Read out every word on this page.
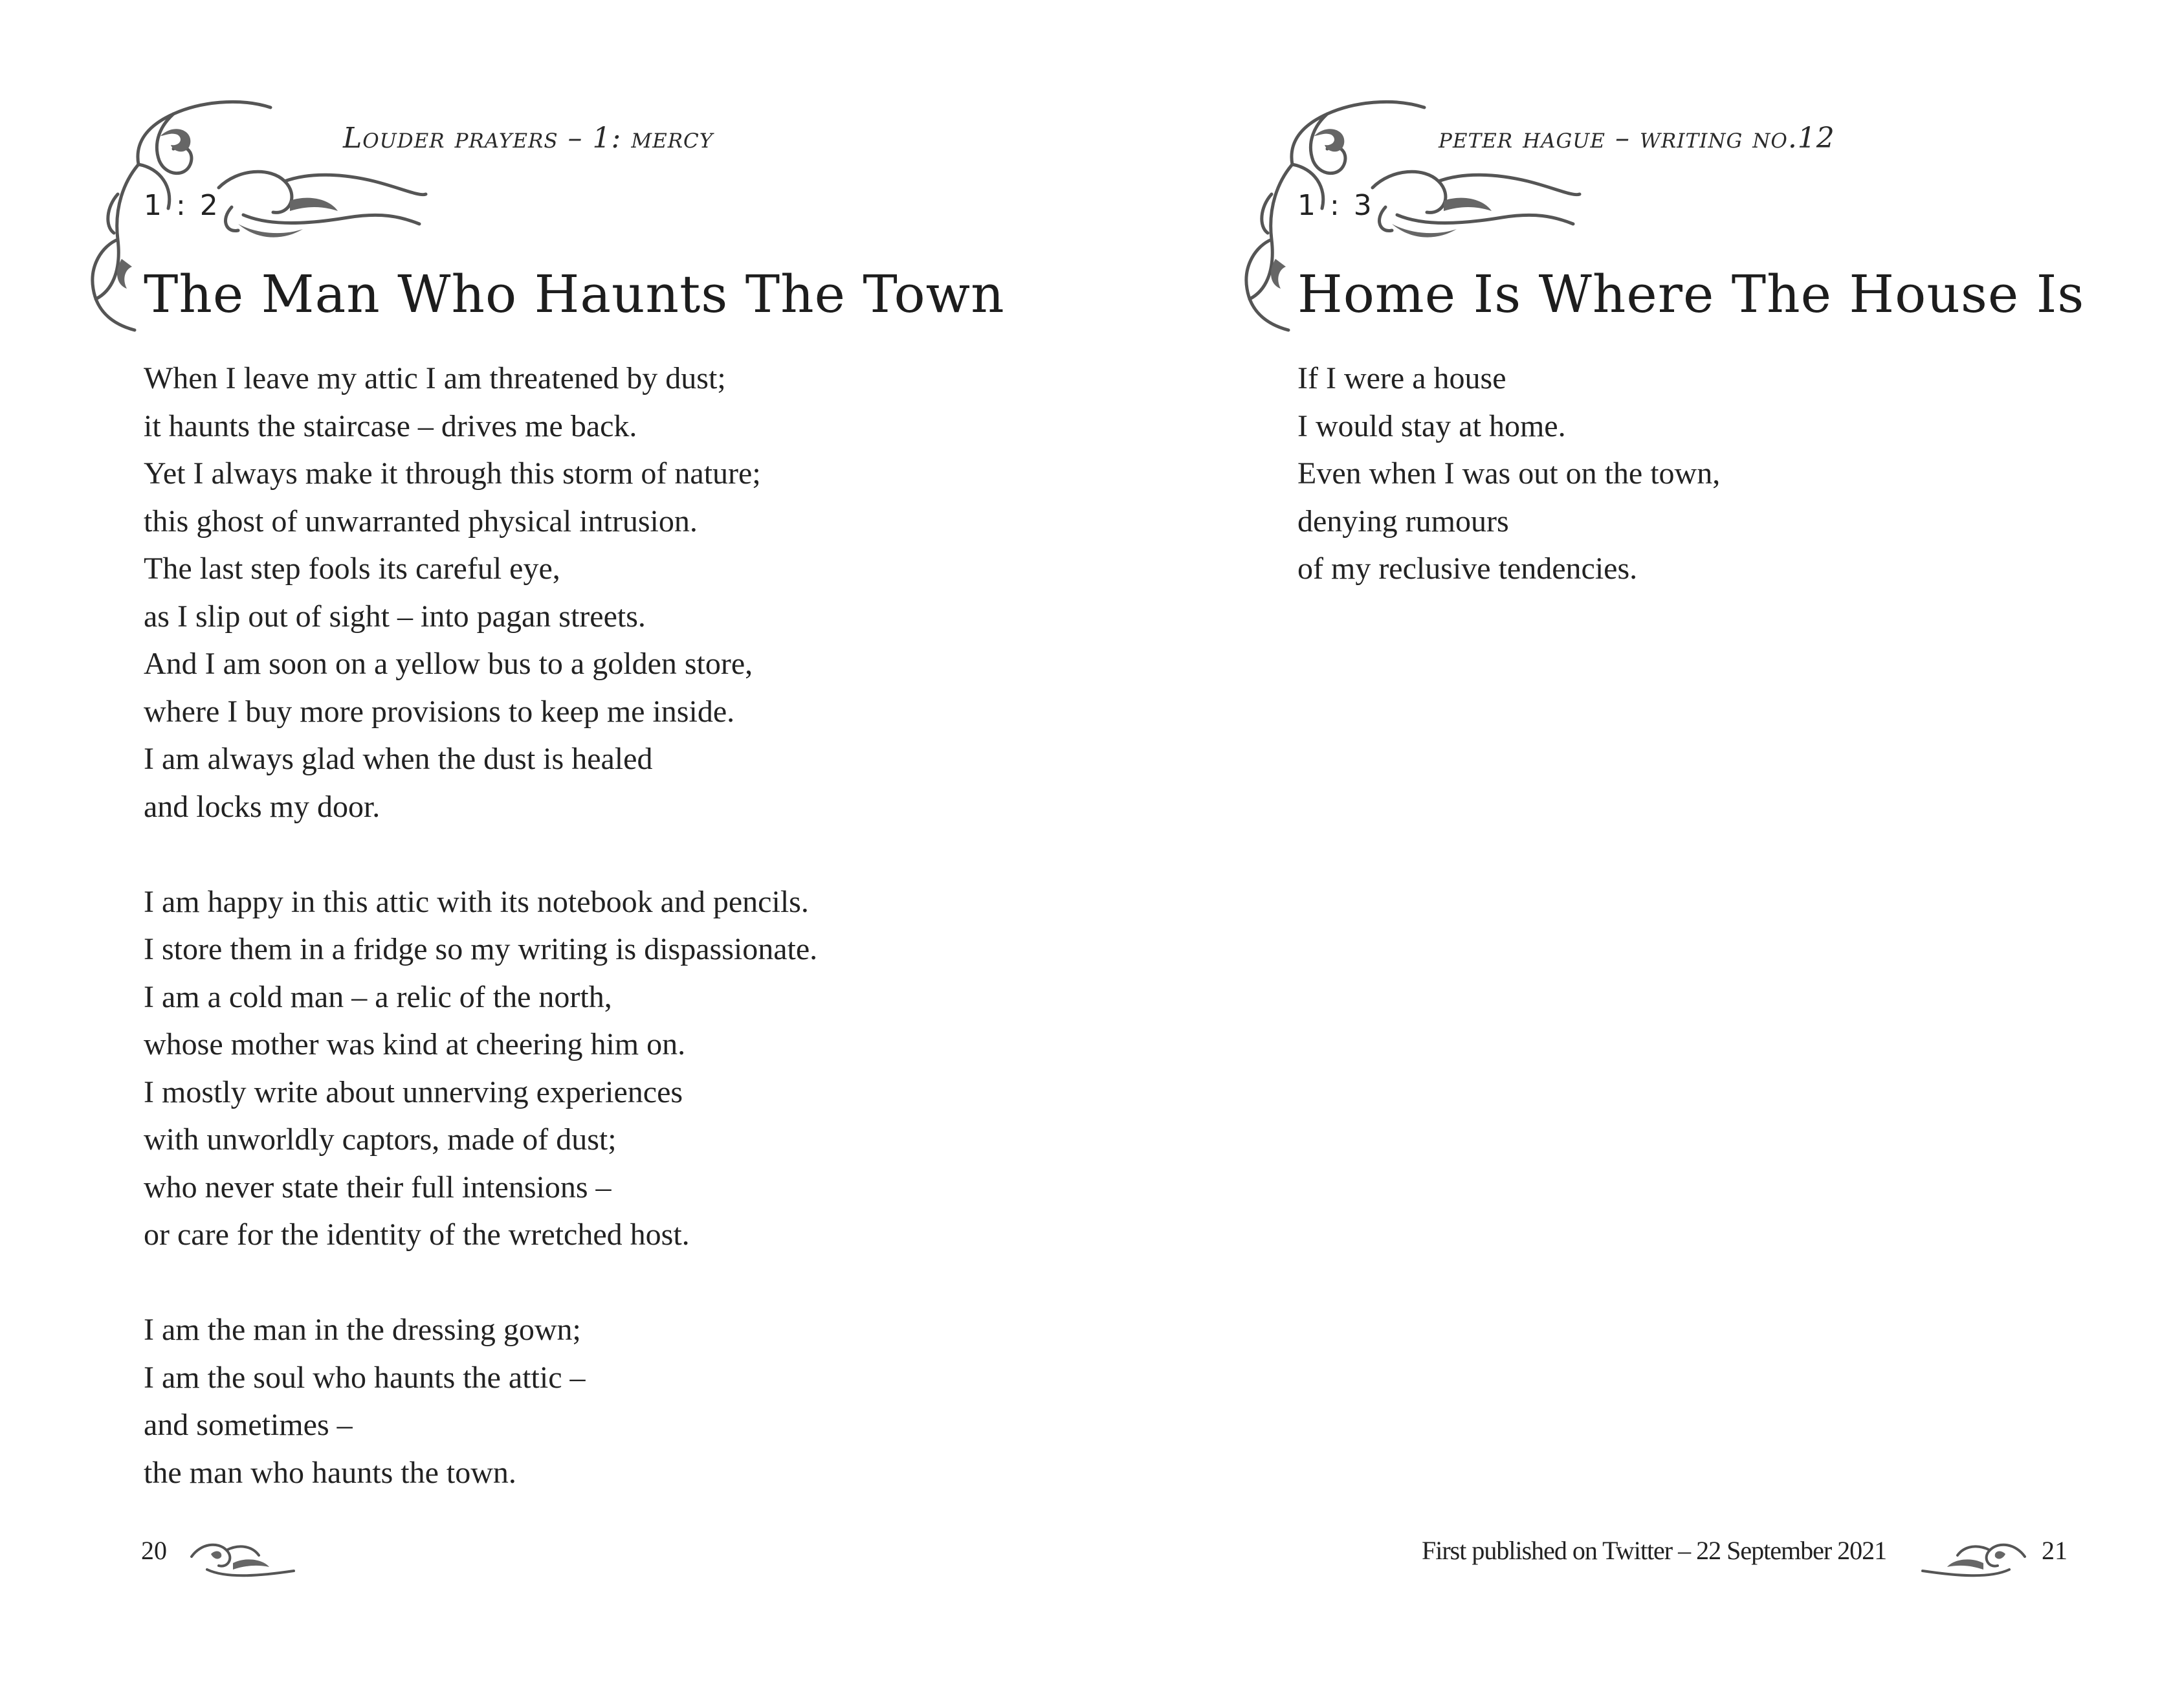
Louder prayers – 1: mercy
1 : 2
The Man Who Haunts The Town
When I leave my attic I am threatened by dust;
it haunts the staircase – drives me back.
Yet I always make it through this storm of nature;
this ghost of unwarranted physical intrusion.
The last step fools its careful eye,
as I slip out of sight – into pagan streets.
And I am soon on a yellow bus to a golden store,
where I buy more provisions to keep me inside.
I am always glad when the dust is healed
and locks my door.
I am happy in this attic with its notebook and pencils.
I store them in a fridge so my writing is dispassionate.
I am a cold man – a relic of the north,
whose mother was kind at cheering him on.
I mostly write about unnerving experiences
with unworldly captors, made of dust;
who never state their full intensions –
or care for the identity of the wretched host.
I am the man in the dressing gown;
I am the soul who haunts the attic –
and sometimes –
the man who haunts the town.
20
peter hague – writing no.12
1 : 3
Home Is Where The House Is
If I were a house
I would stay at home.
Even when I was out on the town,
denying rumours
of my reclusive tendencies.
First published on Twitter – 22 September 2021	21
